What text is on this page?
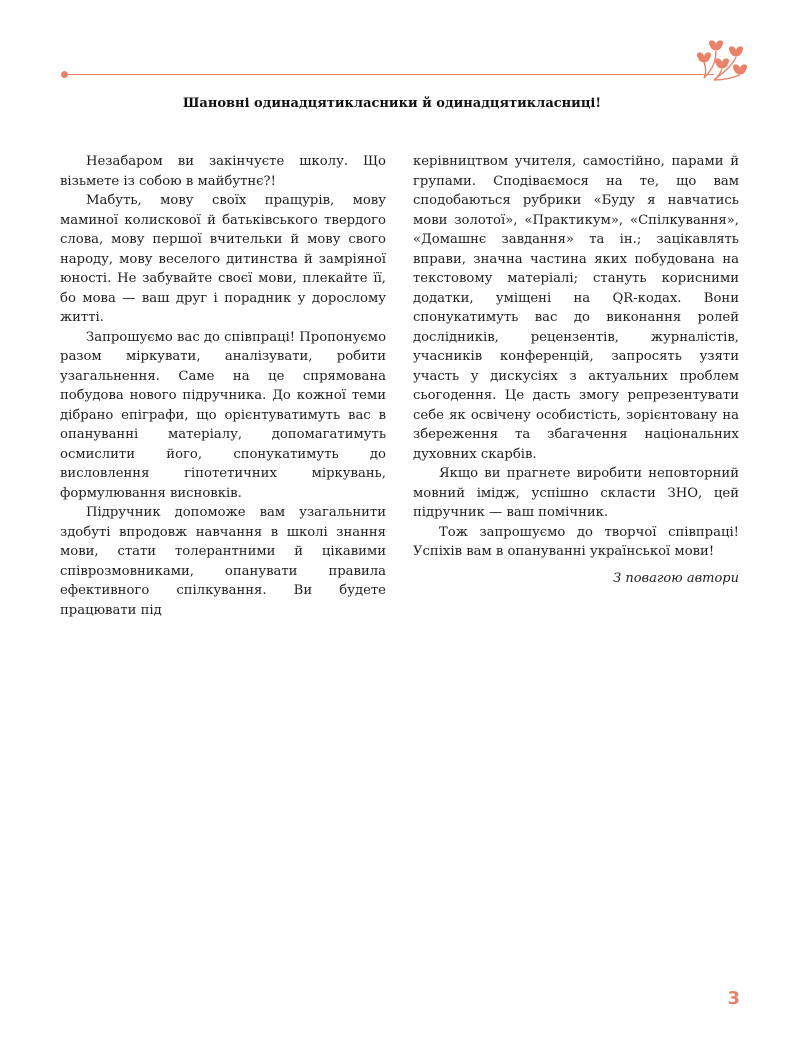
Шановні одинадцятикласники й одинадцятикласниці!

Незабаром ви закінчуєте школу. Що візьмете із собою в майбутнє?!

Мабуть, мову своїх пращурів, мову маминої колискової й батьківського твердого слова, мову першої вчительки й мову свого народу, мову веселого дитинства й замріяної юності. Не забувайте своєї мови, плекайте її, бо мова — ваш друг і порадник у дорослому житті.

Запрошуємо вас до співпраці! Пропонуємо разом міркувати, аналізувати, робити узагальнення. Саме на це спрямована побудова нового підручника. До кожної теми дібрано епіграфи, що орієнтуватимуть вас в опануванні матеріалу, допомагатимуть осмислити його, спонукатимуть до висловлення гіпотетичних міркувань, формулювання висновків.

Підручник допоможе вам узагальнити здобуті впродовж навчання в школі знання мови, стати толерантними й цікавими співрозмовниками, опанувати правила ефективного спілкування. Ви будете працювати під

керівництвом учителя, самостійно, парами й групами. Сподіваємося на те, що вам сподобаються рубрики «Буду я навчатись мови золотої», «Практикум», «Спілкування», «Домашнє завдання» та ін.; зацікавлять вправи, значна частина яких побудована на текстовому матеріалі; стануть корисними додатки, уміщені на QR-кодах. Вони спонукатимуть вас до виконання ролей дослідників, рецензентів, журналістів, учасників конференцій, запросять узяти участь у дискусіях з актуальних проблем сьогодення. Це дасть змогу репрезентувати себе як освічену особистість, зорієнтовану на збереження та збагачення національних духовних скарбів.

Якщо ви прагнете виробити неповторний мовний імідж, успішно скласти ЗНО, цей підручник — ваш помічник.

Тож запрошуємо до творчої співпраці! Успіхів вам в опануванні української мови!

З повагою автори
3
